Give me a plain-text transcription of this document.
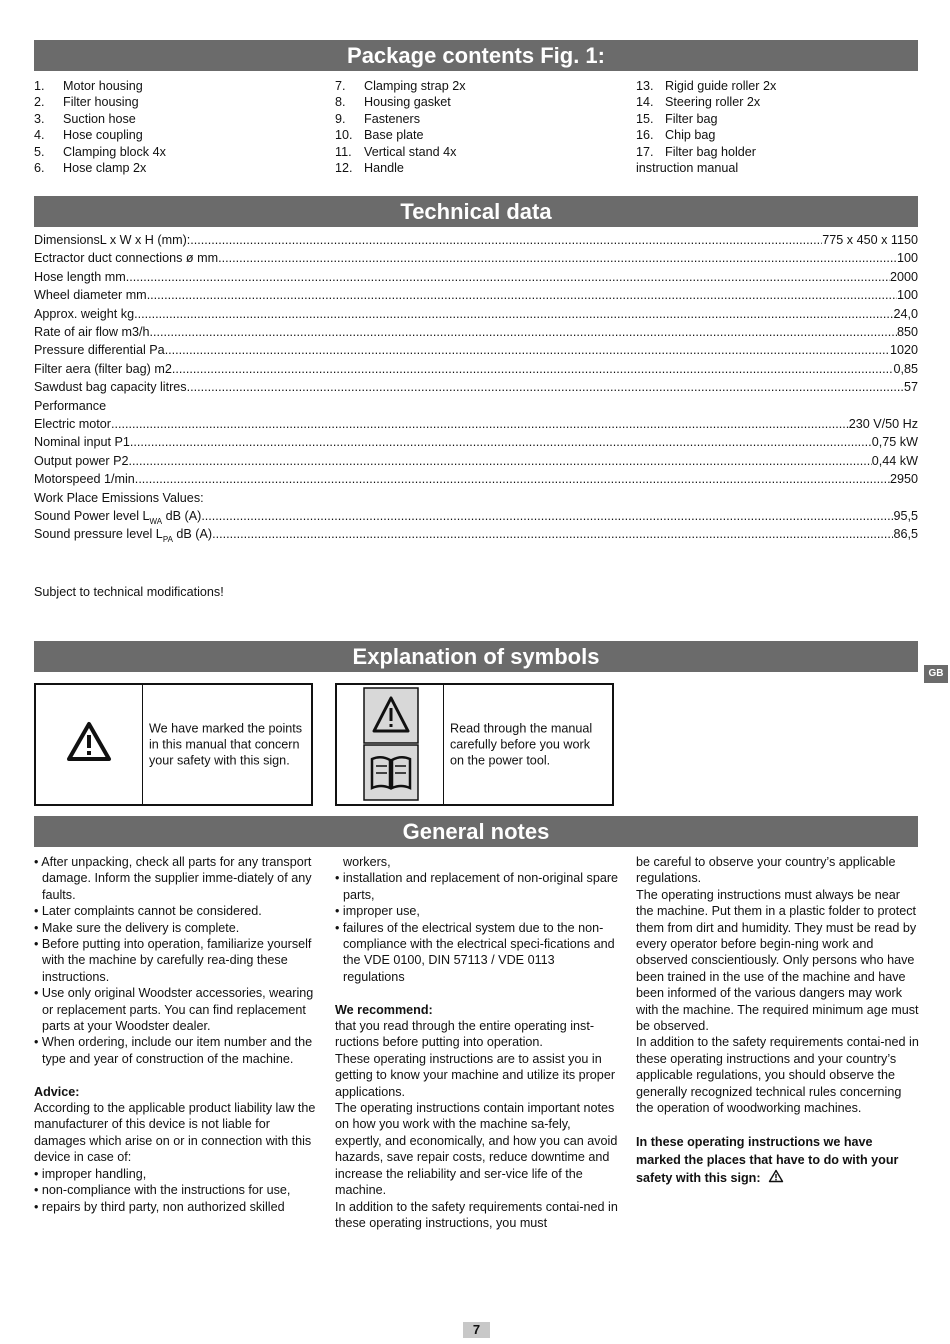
Package contents Fig. 1:
1.	Motor housing
2.	Filter housing
3.	Suction hose
4.	Hose coupling
5.	Clamping block 4x
6.	Hose clamp 2x
7.	Clamping strap 2x
8.	Housing gasket
9.	Fasteners
10. Base plate
11. Vertical stand 4x
12. Handle
13. Rigid guide roller 2x
14. Steering roller 2x
15. Filter bag
16. Chip bag
17. Filter bag holder
instruction manual
Technical data
DimensionsL x W x H (mm): .....	775 x 450 x 1150
Ectractor duct connections ø mm .....	100
Hose length mm .....	2000
Wheel diameter mm .....	100
Approx. weight kg .....	24,0
Rate of air flow m3/h .....	850
Pressure differential Pa .....	1020
Filter aera (filter bag) m2 .....	0,85
Sawdust bag capacity litres .....	57
Performance
Electric motor .....	230 V/50 Hz
Nominal input P1 .....	0,75 kW
Output power P2 .....	0,44 kW
Motorspeed 1/min. .....	2950
Work Place Emissions Values:
Sound Power level $L_{WA}$ dB (A) .....	95,5
Sound pressure level $L_{PA}$ dB (A) .....	86,5
Subject to technical modifications!
Explanation of symbols
We have marked the points in this manual that concern your safety with this sign.
Read through the manual carefully before you work on the power tool.
General notes

• After unpacking, check all parts for any transport damage. Inform the supplier imme-diately of any faults.

• Later complaints cannot be considered.

• Make sure the delivery is complete.

• Before putting into operation, familiarize yourself with the machine by carefully rea-ding these instructions.

• Use only original Woodster accessories, wearing or replacement parts. You can find replacement parts at your Woodster dealer.

• When ordering, include our item number and the type and year of construction of the machine.

Advice:

According to the applicable product liability law the manufacturer of this device is not liable for damages which arise on or in connection with this device in case of:

• improper handling,

• non-compliance with the instructions for use,

• repairs by third party, non authorized skilled

workers,

• installation and replacement of non-original spare parts,

• improper use,

• failures of the electrical system due to the non-compliance with the electrical speci-fications and the VDE 0100, DIN 57113 / VDE 0113 regulations

We recommend:

that you read through the entire operating inst-ructions before putting into operation.

These operating instructions are to assist you in getting to know your machine and utilize its proper applications.

The operating instructions contain important notes on how you work with the machine sa-fely, expertly, and economically, and how you can avoid hazards, save repair costs, reduce downtime and increase the reliability and ser-vice life of the machine.

In addition to the safety requirements contai-ned in these operating instructions, you must

be careful to observe your country’s applicable regulations.

The operating instructions must always be near the machine. Put them in a plastic folder to protect them from dirt and humidity. They must be read by every operator before begin-ning work and observed conscientiously. Only persons who have been trained in the use of the machine and have been informed of the various dangers may work with the machine. The required minimum age must be observed.

In addition to the safety requirements contai-ned in these operating instructions and your country’s applicable regulations, you should observe the generally recognized technical rules concerning the operation of woodworking machines.

In these operating instructions we have marked the places that have to do with your safety with this sign:

GB
7
